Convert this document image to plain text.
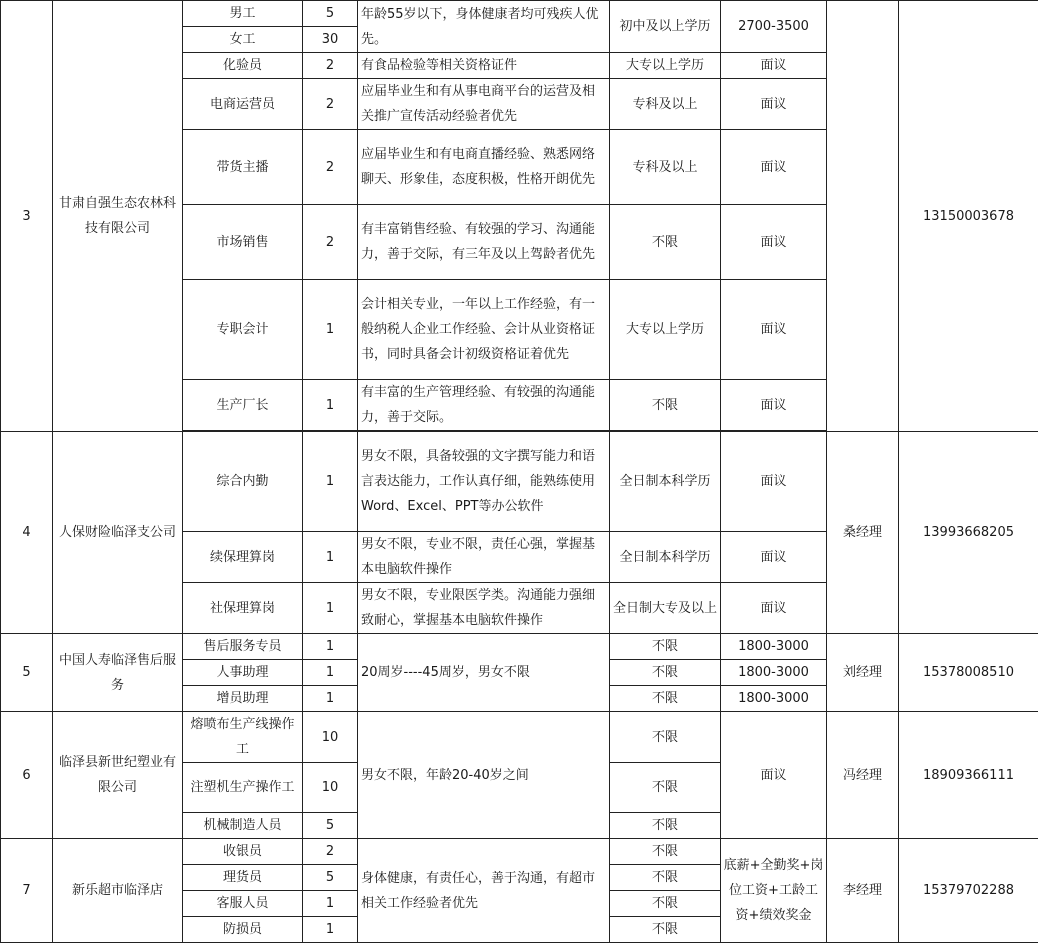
3	甘肃自强生态农林科技有限公司	男工	5	年龄55岁以下，身体健康者均可残疾人优先。	初中及以上学历	2700-3500		13150003678
		女工	30					
		化验员	2	有食品检验等相关资格证件	大专以上学历	面议		
		电商运营员	2	应届毕业生和有从事电商平台的运营及相关推广宣传活动经验者优先	专科及以上	面议		
		带货主播	2	应届毕业生和有电商直播经验、熟悉网络聊天、形象佳，态度积极，性格开朗优先	专科及以上	面议		
		市场销售	2	有丰富销售经验、有较强的学习、沟通能力，善于交际，有三年及以上驾龄者优先	不限	面议		
		专职会计	1	会计相关专业，一年以上工作经验，有一般纳税人企业工作经验、会计从业资格证书，同时具备会计初级资格证着优先	大专以上学历	面议		
		生产厂长	1	有丰富的生产管理经验、有较强的沟通能力，善于交际。	不限	面议		

4	人保财险临泽支公司	综合内勤	1	男女不限，具备较强的文字撰写能力和语言表达能力，工作认真仔细，能熟练使用Word、Excel、PPT等办公软件	全日制本科学历	面议	桑经理	13993668205
		续保理算岗	1	男女不限，专业不限，责任心强，掌握基本电脑软件操作	全日制本科学历	面议		
		社保理算岗	1	男女不限，专业限医学类。沟通能力强细致耐心，掌握基本电脑软件操作	全日制大专及以上	面议		
5	中国人寿临泽售后服务	售后服务专员	1	20周岁----45周岁，男女不限	不限	1800-3000	刘经理	15378008510
		人事助理	1		不限	1800-3000		
		增员助理	1		不限	1800-3000		
6	临泽县新世纪塑业有限公司	熔喷布生产线操作工	10	男女不限，年龄20-40岁之间	不限	面议	冯经理	18909366111
		注塑机生产操作工	10		不限			
		机械制造人员	5		不限			
7	新乐超市临泽店	收银员	2	身体健康，有责任心，善于沟通，有超市相关工作经验者优先	不限	底薪+全勤奖+岗位工资+工龄工资+绩效奖金	李经理	15379702288
		理货员	5		不限			
		客服人员	1		不限			
		防损员	1		不限			
